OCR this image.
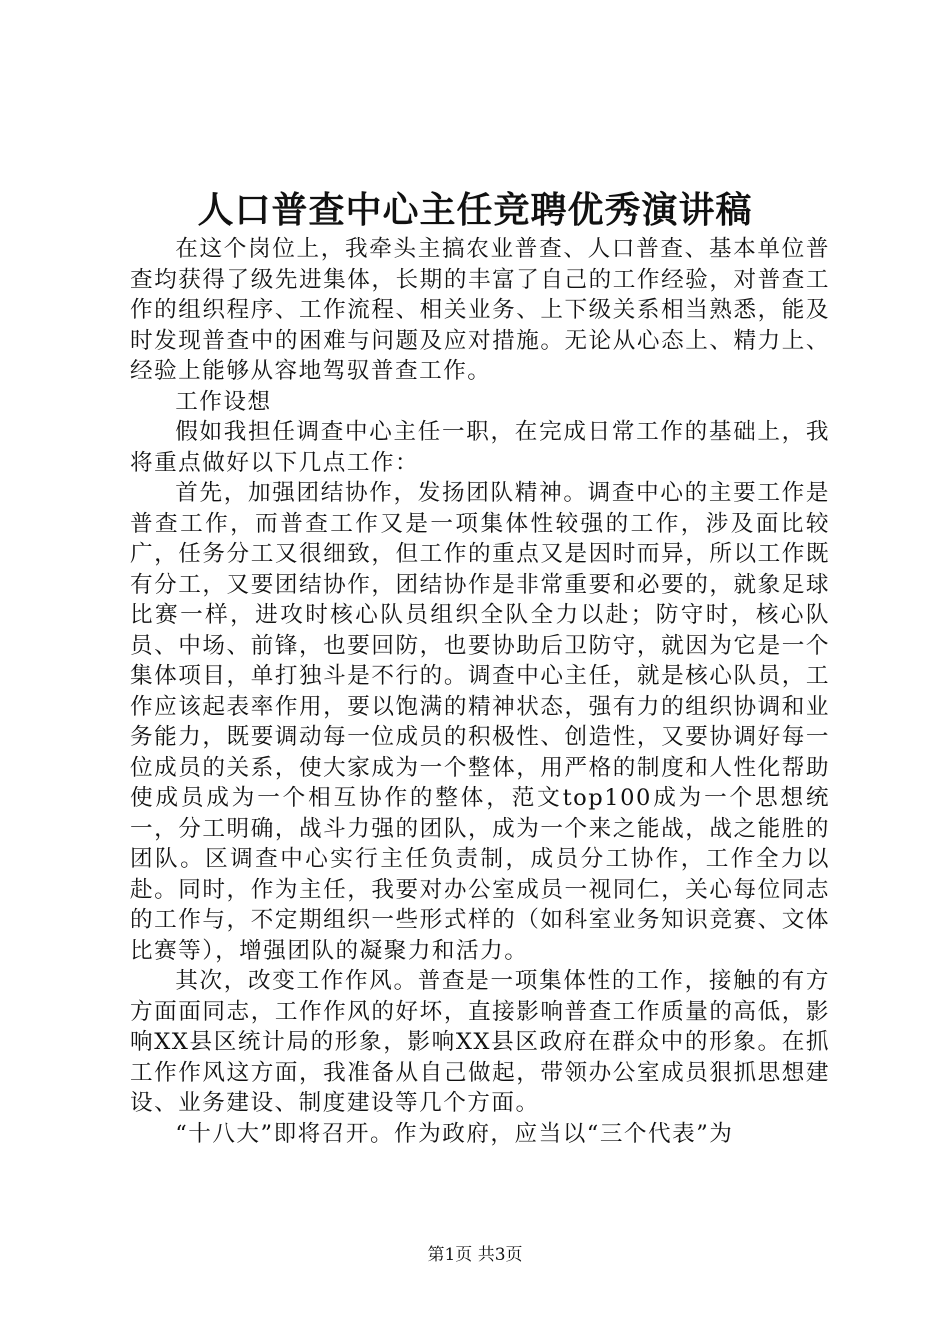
人口普查中心主任竞聘优秀演讲稿

在这个岗位上，我牵头主搞农业普查、人口普查、基本单位普查均获得了级先进集体，长期的丰富了自己的工作经验，对普查工作的组织程序、工作流程、相关业务、上下级关系相当熟悉，能及时发现普查中的困难与问题及应对措施。无论从心态上、精力上、经验上能够从容地驾驭普查工作。

工作设想

假如我担任调查中心主任一职，在完成日常工作的基础上，我将重点做好以下几点工作：

首先，加强团结协作，发扬团队精神。调查中心的主要工作是普查工作，而普查工作又是一项集体性较强的工作，涉及面比较广，任务分工又很细致，但工作的重点又是因时而异，所以工作既有分工，又要团结协作，团结协作是非常重要和必要的，就象足球比赛一样，进攻时核心队员组织全队全力以赴；防守时，核心队员、中场、前锋，也要回防，也要协助后卫防守，就因为它是一个集体项目，单打独斗是不行的。调查中心主任，就是核心队员，工作应该起表率作用，要以饱满的精神状态，强有力的组织协调和业务能力，既要调动每一位成员的积极性、创造性，又要协调好每一位成员的关系，使大家成为一个整体，用严格的制度和人性化帮助使成员成为一个相互协作的整体，范文top100成为一个思想统一，分工明确，战斗力强的团队，成为一个来之能战，战之能胜的团队。区调查中心实行主任负责制，成员分工协作，工作全力以赴。同时，作为主任，我要对办公室成员一视同仁，关心每位同志的工作与，不定期组织一些形式样的（如科室业务知识竞赛、文体比赛等），增强团队的凝聚力和活力。

其次，改变工作作风。普查是一项集体性的工作，接触的有方方面面同志，工作作风的好坏，直接影响普查工作质量的高低，影响XX县区统计局的形象，影响XX县区政府在群众中的形象。在抓工作作风这方面，我准备从自己做起，带领办公室成员狠抓思想建设、业务建设、制度建设等几个方面。

“十八大”即将召开。作为政府，应当以“三个代表”为

第1页 共3页
